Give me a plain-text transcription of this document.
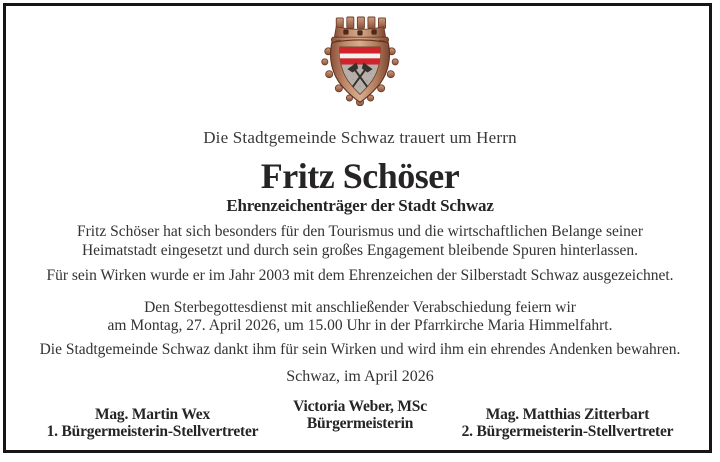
Die Stadtgemeinde Schwaz trauert um Herrn
Fritz Schöser
Ehrenzeichenträger der Stadt Schwaz
Fritz Schöser hat sich besonders für den Tourismus und die wirtschaftlichen Belange seiner
Heimatstadt eingesetzt und durch sein großes Engagement bleibende Spuren hinterlassen.
Für sein Wirken wurde er im Jahr 2003 mit dem Ehrenzeichen der Silberstadt Schwaz ausgezeichnet.
Den Sterbegottesdienst mit anschließender Verabschiedung feiern wir
am Montag, 27. April 2026, um 15.00 Uhr in der Pfarrkirche Maria Himmelfahrt.
Die Stadtgemeinde Schwaz dankt ihm für sein Wirken und wird ihm ein ehrendes Andenken bewahren.
Schwaz, im April 2026
Mag. Martin Wex
1. Bürgermeisterin-Stellvertreter
Victoria Weber, MSc
Bürgermeisterin
Mag. Matthias Zitterbart
2. Bürgermeisterin-Stellvertreter
